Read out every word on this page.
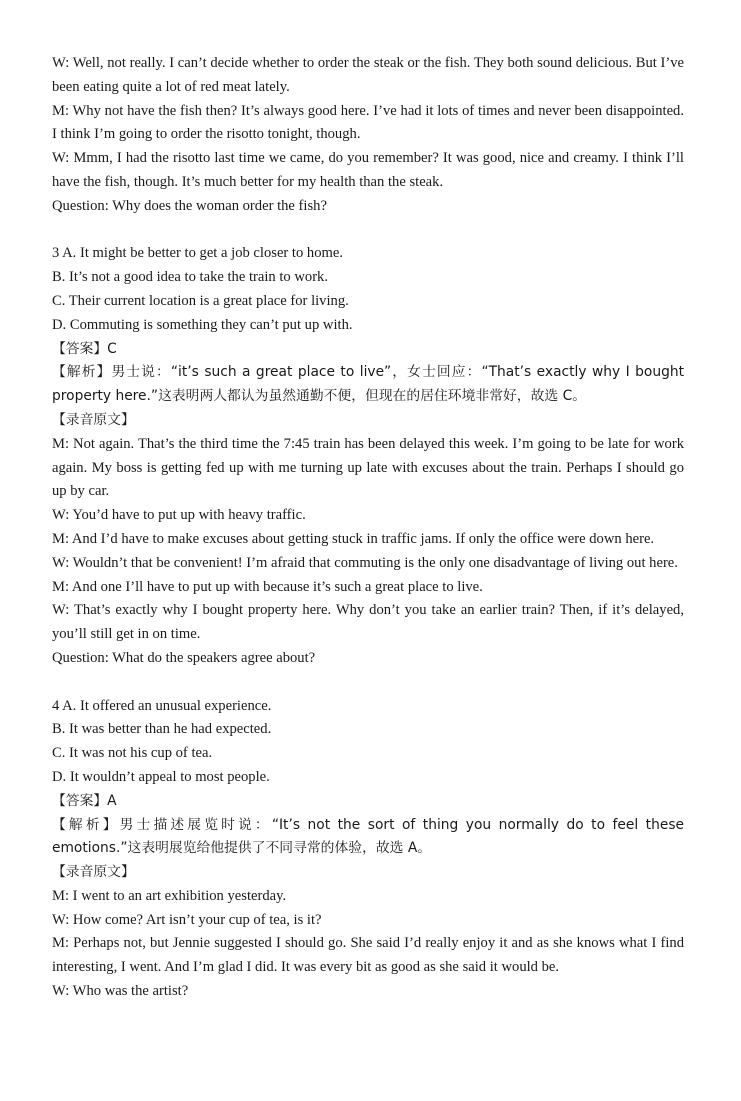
W: Well, not really. I can’t decide whether to order the steak or the fish. They both sound delicious. But I’ve been eating quite a lot of red meat lately.

M: Why not have the fish then? It’s always good here. I’ve had it lots of times and never been disappointed. I think I’m going to order the risotto tonight, though.

W: Mmm, I had the risotto last time we came, do you remember? It was good, nice and creamy. I think I’ll have the fish, though. It’s much better for my health than the steak.

Question: Why does the woman order the fish?

3 A. It might be better to get a job closer to home.

B. It’s not a good idea to take the train to work.

C. Their current location is a great place for living.

D. Commuting is something they can’t put up with.

【答案】C

【解析】男士说：“it’s such a great place to live”，女士回应：“That’s exactly why I bought property here.”这表明两人都认为虽然通勤不便，但现在的居住环境非常好，故选 C。

【录音原文】

M: Not again. That’s the third time the 7:45 train has been delayed this week. I’m going to be late for work again. My boss is getting fed up with me turning up late with excuses about the train. Perhaps I should go up by car.

W: You’d have to put up with heavy traffic.

M: And I’d have to make excuses about getting stuck in traffic jams. If only the office were down here.

W: Wouldn’t that be convenient! I’m afraid that commuting is the only one disadvantage of living out here.

M: And one I’ll have to put up with because it’s such a great place to live.

W: That’s exactly why I bought property here. Why don’t you take an earlier train? Then, if it’s delayed, you’ll still get in on time.

Question: What do the speakers agree about?

4 A. It offered an unusual experience.

B. It was better than he had expected.

C. It was not his cup of tea.

D. It wouldn’t appeal to most people.

【答案】A

【解析】男士描述展览时说：“It’s not the sort of thing you normally do to feel these emotions.”这表明展览给他提供了不同寻常的体验，故选 A。

【录音原文】

M: I went to an art exhibition yesterday.

W: How come? Art isn’t your cup of tea, is it?

M: Perhaps not, but Jennie suggested I should go. She said I’d really enjoy it and as she knows what I find interesting, I went. And I’m glad I did. It was every bit as good as she said it would be.

W: Who was the artist?
